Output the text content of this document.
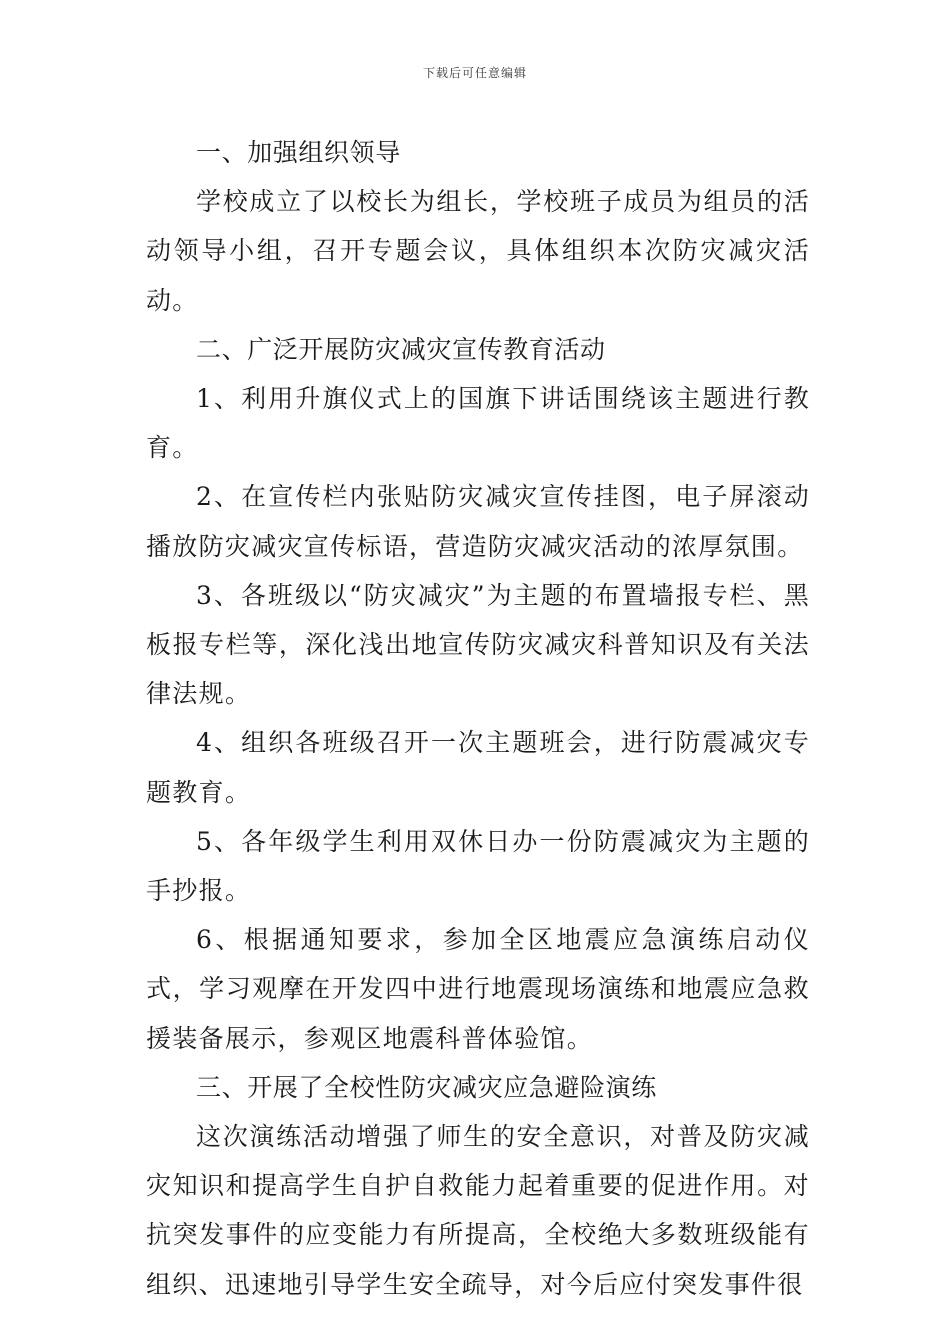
下载后可任意编辑

一、加强组织领导

学校成立了以校长为组长，学校班子成员为组员的活动领导小组，召开专题会议，具体组织本次防灾减灾活动。

二、广泛开展防灾减灾宣传教育活动

1、利用升旗仪式上的国旗下讲话围绕该主题进行教育。

2、在宣传栏内张贴防灾减灾宣传挂图，电子屏滚动播放防灾减灾宣传标语，营造防灾减灾活动的浓厚氛围。

3、各班级以“防灾减灾”为主题的布置墙报专栏、黑板报专栏等，深化浅出地宣传防灾减灾科普知识及有关法律法规。

4、组织各班级召开一次主题班会，进行防震减灾专题教育。

5、各年级学生利用双休日办一份防震减灾为主题的手抄报。

6、根据通知要求，参加全区地震应急演练启动仪式，学习观摩在开发四中进行地震现场演练和地震应急救援装备展示，参观区地震科普体验馆。

三、开展了全校性防灾减灾应急避险演练

这次演练活动增强了师生的安全意识，对普及防灾减灾知识和提高学生自护自救能力起着重要的促进作用。对抗突发事件的应变能力有所提高，全校绝大多数班级能有组织、迅速地引导学生安全疏导，对今后应付突发事件很
